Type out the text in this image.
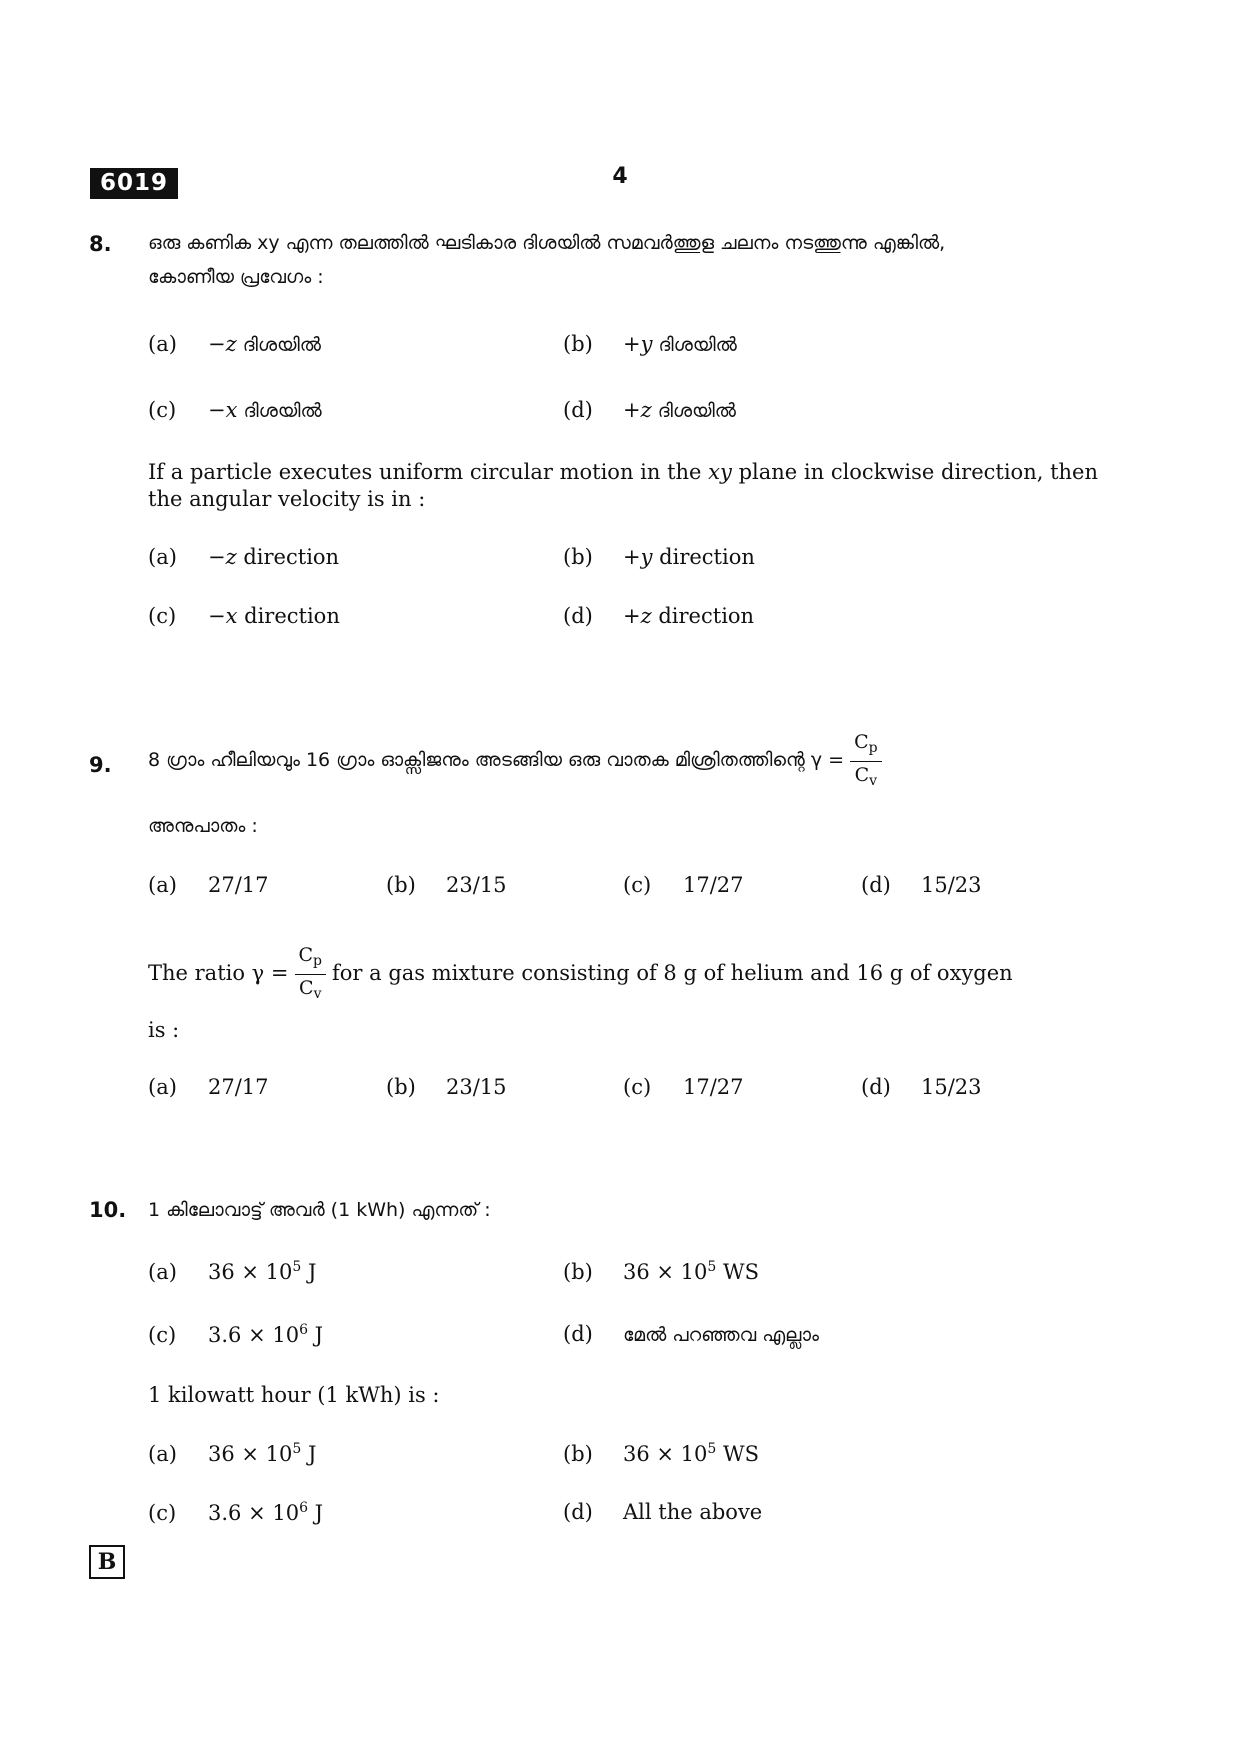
6019	4
8. ഒരു കണിക xy എന്ന തലത്തിൽ ഘടികാര ദിശയിൽ സമവർത്തുള ചലനം നടത്തുന്നു എങ്കിൽ,
കോണീയ പ്രവേഗം :
(a) −z ദിശയിൽ	(b) +y ദിശയിൽ
(c) −x ദിശയിൽ	(d) +z ദിശയിൽ
If a particle executes uniform circular motion in the xy plane in clockwise direction, then the angular velocity is in :
(a) −z direction	(b) +y direction
(c) −x direction	(d) +z direction
9. 8 ഗ്രാം ഹീലിയവും 16 ഗ്രാം ഓക്സിജനും അടങ്ങിയ ഒരു വാതക മിശ്രിതത്തിന്റെ $\gamma = \frac{C_p}{C_v}$
അനുപാതം :
(a) 27/17	(b) 23/15	(c) 17/27	(d) 15/23
The ratio $\gamma = \frac{C_p}{C_v}$ for a gas mixture consisting of 8 g of helium and 16 g of oxygen
is :
(a) 27/17	(b) 23/15	(c) 17/27	(d) 15/23
10. 1 കിലോവാട്ട് അവർ (1 kWh) എന്നത് :
(a) $36 \times 10^5$ J	(b) $36 \times 10^5$ WS
(c) $3.6 \times 10^6$ J	(d) മേൽ പറഞ്ഞവ എല്ലാം
1 kilowatt hour (1 kWh) is :
(a) $36 \times 10^5$ J	(b) $36 \times 10^5$ WS
(c) $3.6 \times 10^6$ J	(d) All the above
B
